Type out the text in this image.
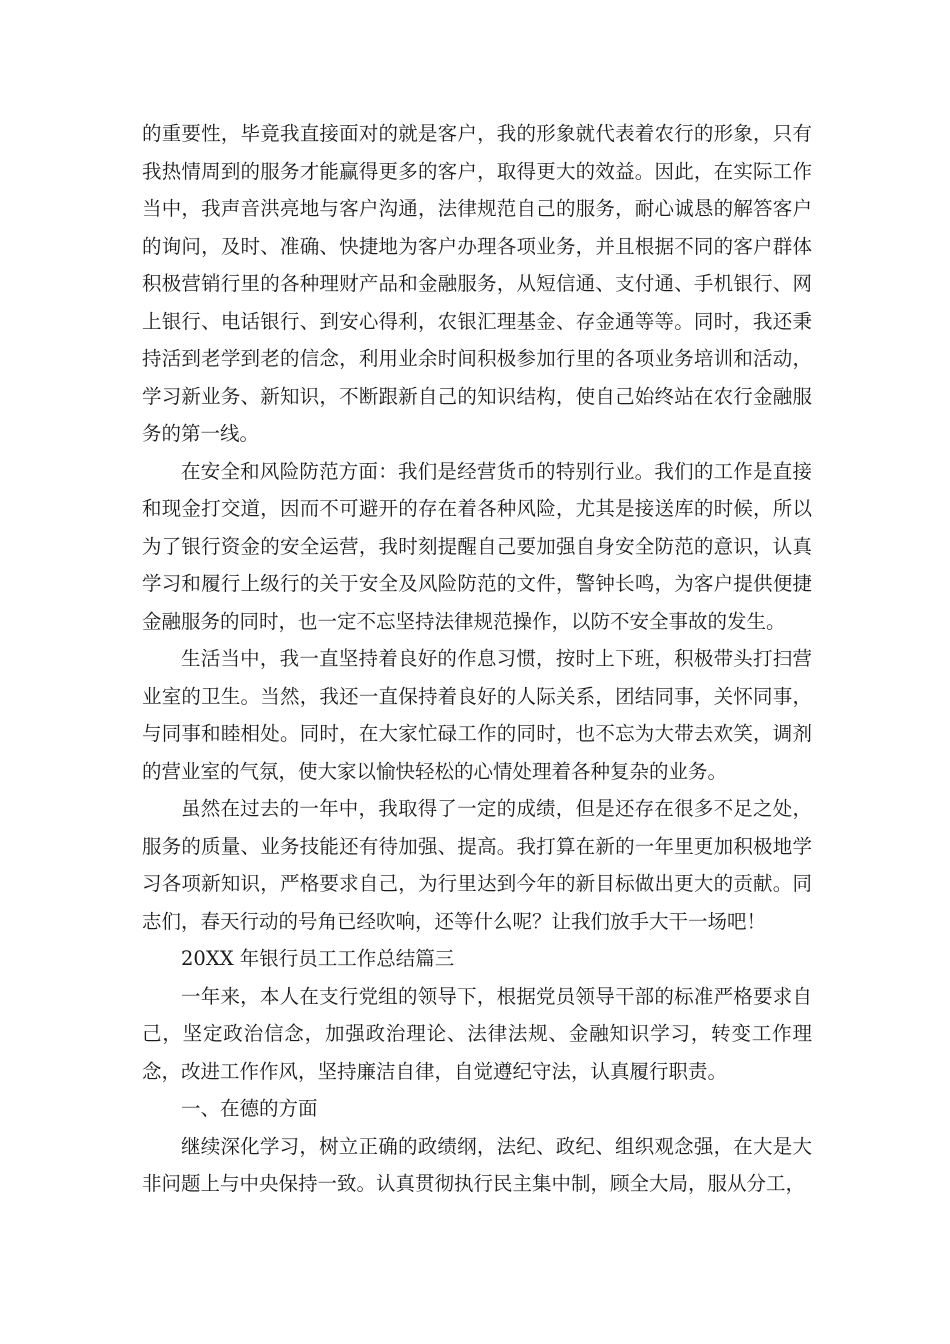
的重要性，毕竟我直接面对的就是客户，我的形象就代表着农行的形象，只有我热情周到的服务才能赢得更多的客户，取得更大的效益。因此，在实际工作当中，我声音洪亮地与客户沟通，法律规范自己的服务，耐心诚恳的解答客户的询问，及时、准确、快捷地为客户办理各项业务，并且根据不同的客户群体积极营销行里的各种理财产品和金融服务，从短信通、支付通、手机银行、网上银行、电话银行、到安心得利，农银汇理基金、存金通等等。同时，我还秉持活到老学到老的信念，利用业余时间积极参加行里的各项业务培训和活动，学习新业务、新知识，不断跟新自己的知识结构，使自己始终站在农行金融服务的第一线。

在安全和风险防范方面：我们是经营货币的特别行业。我们的工作是直接和现金打交道，因而不可避开的存在着各种风险，尤其是接送库的时候，所以为了银行资金的安全运营，我时刻提醒自己要加强自身安全防范的意识，认真学习和履行上级行的关于安全及风险防范的文件，警钟长鸣，为客户提供便捷金融服务的同时，也一定不忘坚持法律规范操作，以防不安全事故的发生。

生活当中，我一直坚持着良好的作息习惯，按时上下班，积极带头打扫营业室的卫生。当然，我还一直保持着良好的人际关系，团结同事，关怀同事，与同事和睦相处。同时，在大家忙碌工作的同时，也不忘为大带去欢笑，调剂的营业室的气氛，使大家以愉快轻松的心情处理着各种复杂的业务。

虽然在过去的一年中，我取得了一定的成绩，但是还存在很多不足之处，服务的质量、业务技能还有待加强、提高。我打算在新的一年里更加积极地学习各项新知识，严格要求自己，为行里达到今年的新目标做出更大的贡献。同志们，春天行动的号角已经吹响，还等什么呢？让我们放手大干一场吧！

20XX 年银行员工工作总结篇三

一年来，本人在支行党组的领导下，根据党员领导干部的标准严格要求自己，坚定政治信念，加强政治理论、法律法规、金融知识学习，转变工作理念，改进工作作风，坚持廉洁自律，自觉遵纪守法，认真履行职责。

一、在德的方面

继续深化学习，树立正确的政绩纲，法纪、政纪、组织观念强，在大是大非问题上与中央保持一致。认真贯彻执行民主集中制，顾全大局，服从分工，
